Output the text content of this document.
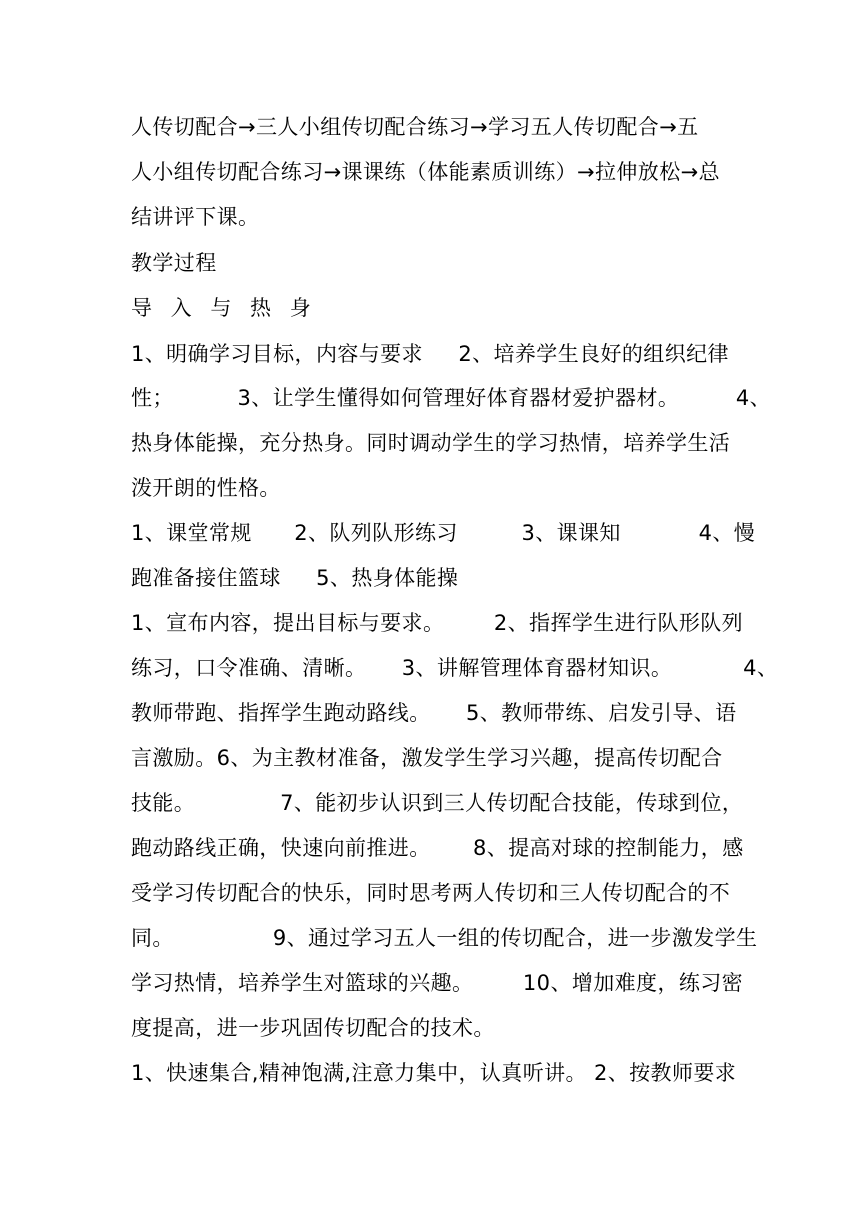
人传切配合→三人小组传切配合练习→学习五人传切配合→五
人小组传切配合练习→课课练（体能素质训练）→拉伸放松→总
结讲评下课。
教学过程
导 入 与 热 身
1、明确学习目标，内容与要求     2、培养学生良好的组织纪律
性；         3、让学生懂得如何管理好体育器材爱护器材。        4、
热身体能操，充分热身。同时调动学生的学习热情，培养学生活
泼开朗的性格。
1、课堂常规      2、队列队形练习         3、课课知           4、慢
跑准备接住篮球     5、热身体能操
1、宣布内容，提出目标与要求。       2、指挥学生进行队形队列
练习，口令准确、清晰。     3、讲解管理体育器材知识。          4、
教师带跑、指挥学生跑动路线。     5、教师带练、启发引导、语
言激励。6、为主教材准备，激发学生学习兴趣，提高传切配合
技能。            7、能初步认识到三人传切配合技能，传球到位，
跑动路线正确，快速向前推进。      8、提高对球的控制能力，感
受学习传切配合的快乐，同时思考两人传切和三人传切配合的不
同。              9、通过学习五人一组的传切配合，进一步激发学生
学习热情，培养学生对篮球的兴趣。       10、增加难度，练习密
度提高，进一步巩固传切配合的技术。
1、快速集合,精神饱满,注意力集中，认真听讲。 2、按教师要求
